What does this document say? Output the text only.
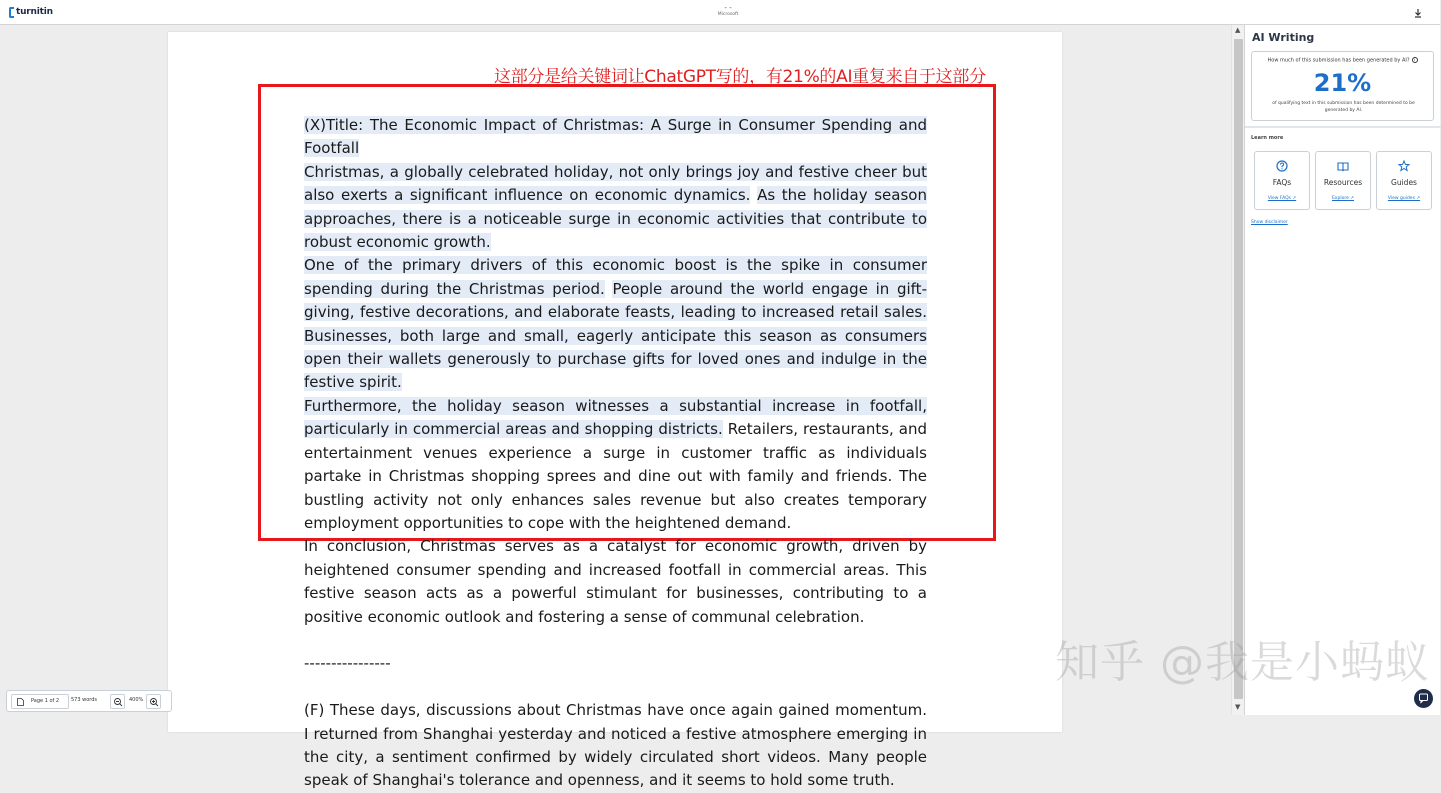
turnitin	- -
Microsoft
这部分是给关键词让ChatGPT写的，有21%的AI重复来自于这部分

(X)Title: The Economic Impact of Christmas: A Surge in Consumer Spending and Footfall

Christmas, a globally celebrated holiday, not only brings joy and festive cheer but also exerts a significant influence on economic dynamics. As the holiday season approaches, there is a noticeable surge in economic activities that contribute to robust economic growth.

One of the primary drivers of this economic boost is the spike in consumer spending during the Christmas period. People around the world engage in gift-giving, festive decorations, and elaborate feasts, leading to increased retail sales. Businesses, both large and small, eagerly anticipate this season as consumers open their wallets generously to purchase gifts for loved ones and indulge in the festive spirit.

Furthermore, the holiday season witnesses a substantial increase in footfall, particularly in commercial areas and shopping districts. Retailers, restaurants, and entertainment venues experience a surge in customer traffic as individuals partake in Christmas shopping sprees and dine out with family and friends. The bustling activity not only enhances sales revenue but also creates temporary employment opportunities to cope with the heightened demand.

In conclusion, Christmas serves as a catalyst for economic growth, driven by heightened consumer spending and increased footfall in commercial areas. This festive season acts as a powerful stimulant for businesses, contributing to a positive economic outlook and fostering a sense of communal celebration.

----------------

(F) These days, discussions about Christmas have once again gained momentum. I returned from Shanghai yesterday and noticed a festive atmosphere emerging in the city, a sentiment confirmed by widely circulated short videos. Many people speak of Shanghai's tolerance and openness, and it seems to hold some truth.

▲
▼
AI Writing
How much of this submission has been generated by AI? i
21%
of qualifying text in this submission has been determined to be generated by AI.
Learn more
FAQs
View FAQs ↗
Resources
Explore ↗
Guides
View guides ↗
Show disclaimer
知乎 @我是小蚂蚁
Page 1 of 2 573 words	400%
